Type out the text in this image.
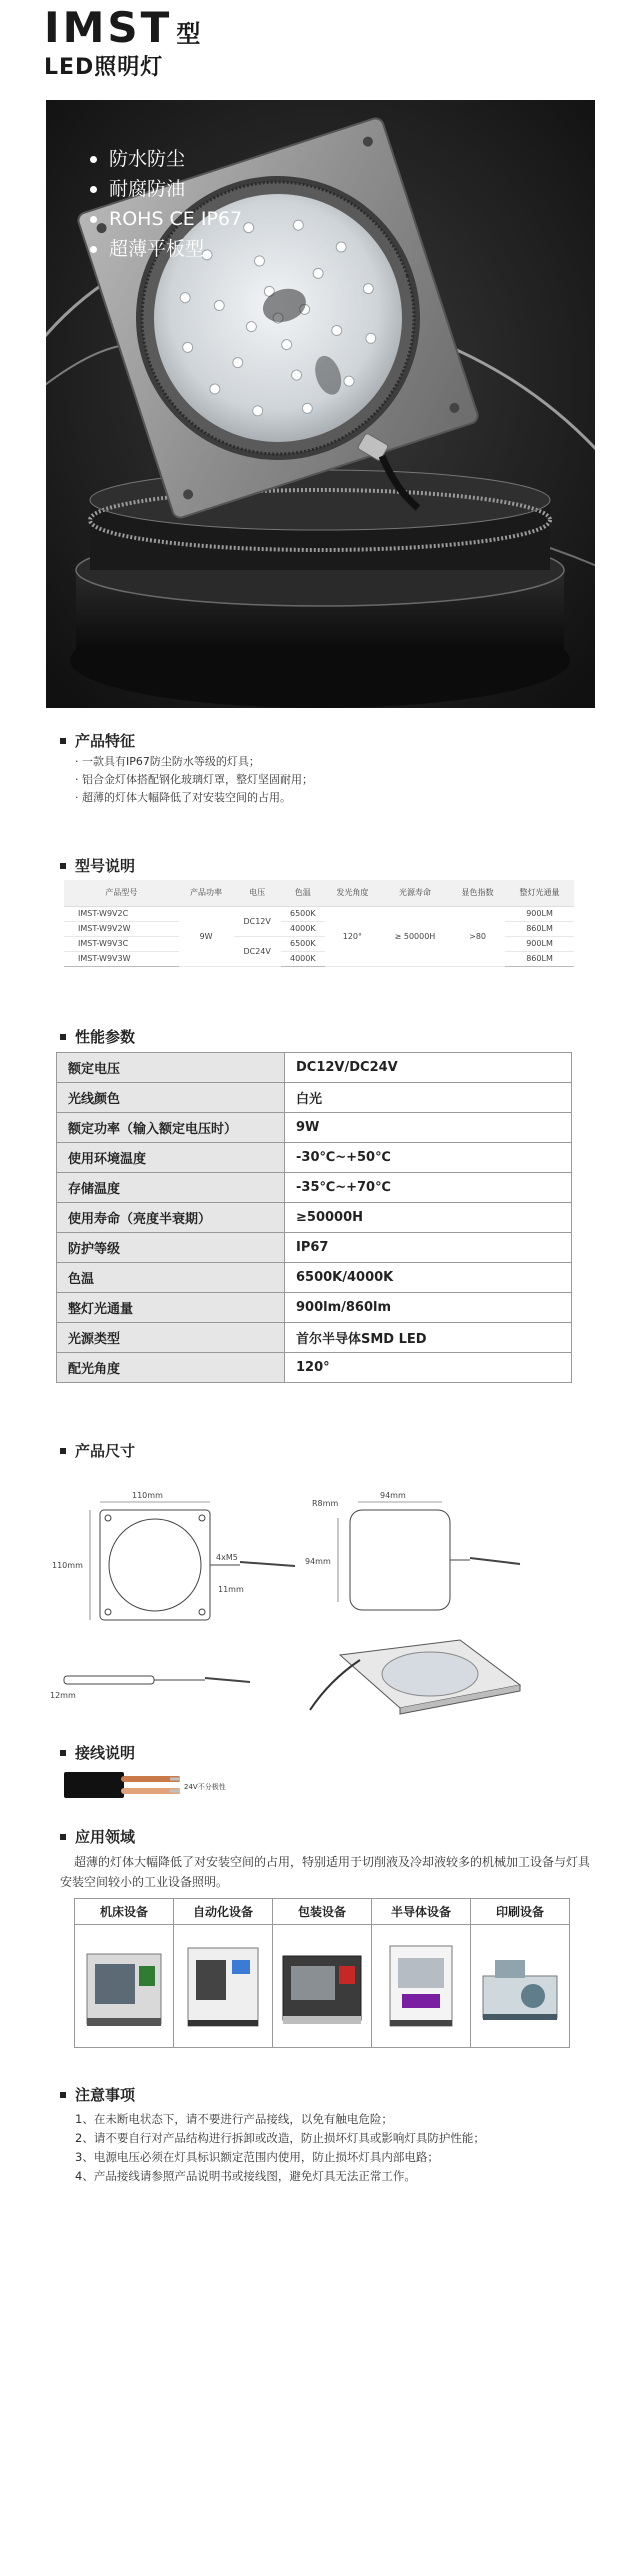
IMST 型
LED照明灯
防水防尘
耐腐防油
ROHS CE IP67
超薄平板型
产品特征
· 一款具有IP67防尘防水等级的灯具；
· 铝合金灯体搭配钢化玻璃灯罩，整灯坚固耐用；
· 超薄的灯体大幅降低了对安装空间的占用。
型号说明
产品型号	产品功率	电压	色温	发光角度	光源寿命	显色指数	整灯光通量
IMST-W9V2C	9W	DC12V	6500K	120°	≥ 50000H	>80	900LM
IMST-W9V2W			4000K				860LM
IMST-W9V3C		DC24V	6500K				900LM
IMST-W9V3W			4000K				860LM
性能参数
额定电压	DC12V/DC24V
光线颜色	白光
额定功率（输入额定电压时）	9W
使用环境温度	-30℃~+50℃
存储温度	-35℃~+70℃
使用寿命（亮度半衰期）	≥50000H
防护等级	IP67
色温	6500K/4000K
整灯光通量	900lm/860lm
光源类型	首尔半导体SMD LED
配光角度	120°
产品尺寸
110mm
110mm
4xM5
11mm
12mm
R8mm
94mm
94mm
接线说明
24V不分极性
应用领域
超薄的灯体大幅降低了对安装空间的占用，特别适用于切削液及冷却液较多的机械加工设备与灯具安装空间较小的工业设备照明。
机床设备	自动化设备	包装设备	半导体设备	印刷设备
注意事项
1、在未断电状态下，请不要进行产品接线，以免有触电危险；
2、请不要自行对产品结构进行拆卸或改造，防止损坏灯具或影响灯具防护性能；
3、电源电压必须在灯具标识额定范围内使用，防止损坏灯具内部电路；
4、产品接线请参照产品说明书或接线图，避免灯具无法正常工作。
